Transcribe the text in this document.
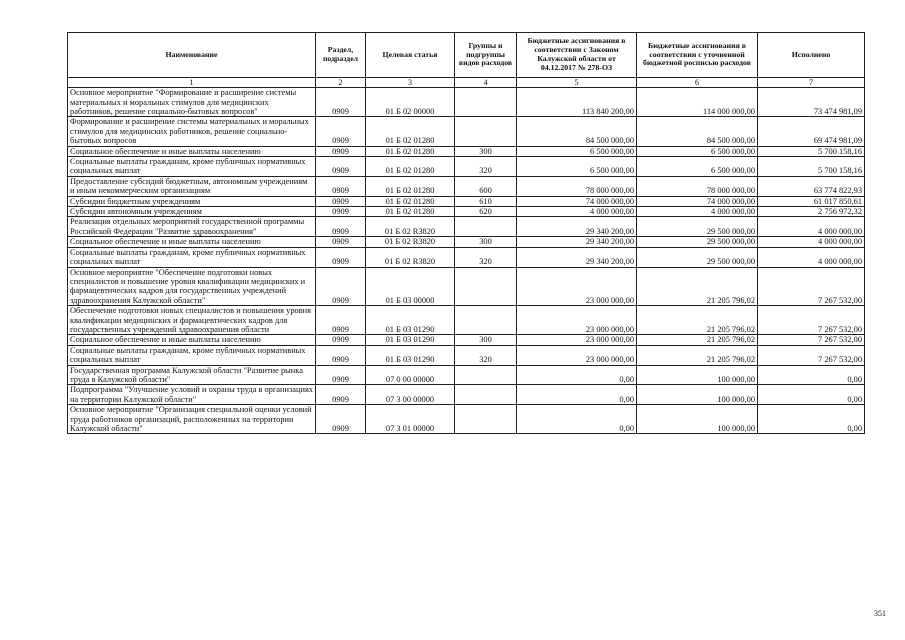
Наименование	Раздел, подраздел	Целевая статья	Группы и подгруппы видов расходов	Бюджетные ассигнования в соответствии с Законом Калужской области от 04.12.2017 № 278-ОЗ	Бюджетные ассигнования в соответствии с уточненной бюджетной росписью расходов	Исполнено
1	2	3	4	5	6	7
Основное мероприятие "Формирование и расширение системы материальных и моральных стимулов для медицинских работников, решение социально-бытовых вопросов"	0909	01 Б 02 00000		113 840 200,00	114 000 000,00	73 474 981,09
Формирование и расширение системы материальных и моральных стимулов для медицинских работников, решение социально-бытовых вопросов	0909	01 Б 02 01280		84 500 000,00	84 500 000,00	69 474 981,09
Социальное обеспечение и иные выплаты населению	0909	01 Б 02 01280	300	6 500 000,00	6 500 000,00	5 700 158,16
Социальные выплаты гражданам, кроме публичных нормативных социальных выплат	0909	01 Б 02 01280	320	6 500 000,00	6 500 000,00	5 700 158,16
Предоставление субсидий бюджетным, автономным учреждениям и иным некоммерческим организациям	0909	01 Б 02 01280	600	78 000 000,00	78 000 000,00	63 774 822,93
Субсидии бюджетным учреждениям	0909	01 Б 02 01280	610	74 000 000,00	74 000 000,00	61 017 850,61
Субсидии автономным учреждениям	0909	01 Б 02 01280	620	4 000 000,00	4 000 000,00	2 756 972,32
Реализация отдельных мероприятий государственной программы Российской Федерации "Развитие здравоохранения"	0909	01 Б 02 R3820		29 340 200,00	29 500 000,00	4 000 000,00
Социальное обеспечение и иные выплаты населению	0909	01 Б 02 R3820	300	29 340 200,00	29 500 000,00	4 000 000,00
Социальные выплаты гражданам, кроме публичных нормативных социальных выплат	0909	01 Б 02 R3820	320	29 340 200,00	29 500 000,00	4 000 000,00
Основное мероприятие "Обеспечение подготовки новых специалистов и повышение уровня квалификации медицинских и фармацевтических кадров для государственных учреждений здравоохранения Калужской области"	0909	01 Б 03 00000		23 000 000,00	21 205 796,02	7 267 532,00
Обеспечение подготовки новых специалистов и повышения уровня квалификации медицинских и фармацевтических кадров для государственных учреждений здравоохранения области	0909	01 Б 03 01290		23 000 000,00	21 205 796,02	7 267 532,00
Социальное обеспечение и иные выплаты населению	0909	01 Б 03 01290	300	23 000 000,00	21 205 796,02	7 267 532,00
Социальные выплаты гражданам, кроме публичных нормативных социальных выплат	0909	01 Б 03 01290	320	23 000 000,00	21 205 796,02	7 267 532,00
Государственная программа Калужской области "Развитие рынка труда в Калужской области"	0909	07 0 00 00000		0,00	100 000,00	0,00
Подпрограмма "Улучшение условий и охраны труда в организациях на территории Калужской области"	0909	07 3 00 00000		0,00	100 000,00	0,00
Основное мероприятие "Организация специальной оценки условий труда работников организаций, расположенных на территории Калужской области"	0909	07 3 01 00000		0,00	100 000,00	0,00
351
